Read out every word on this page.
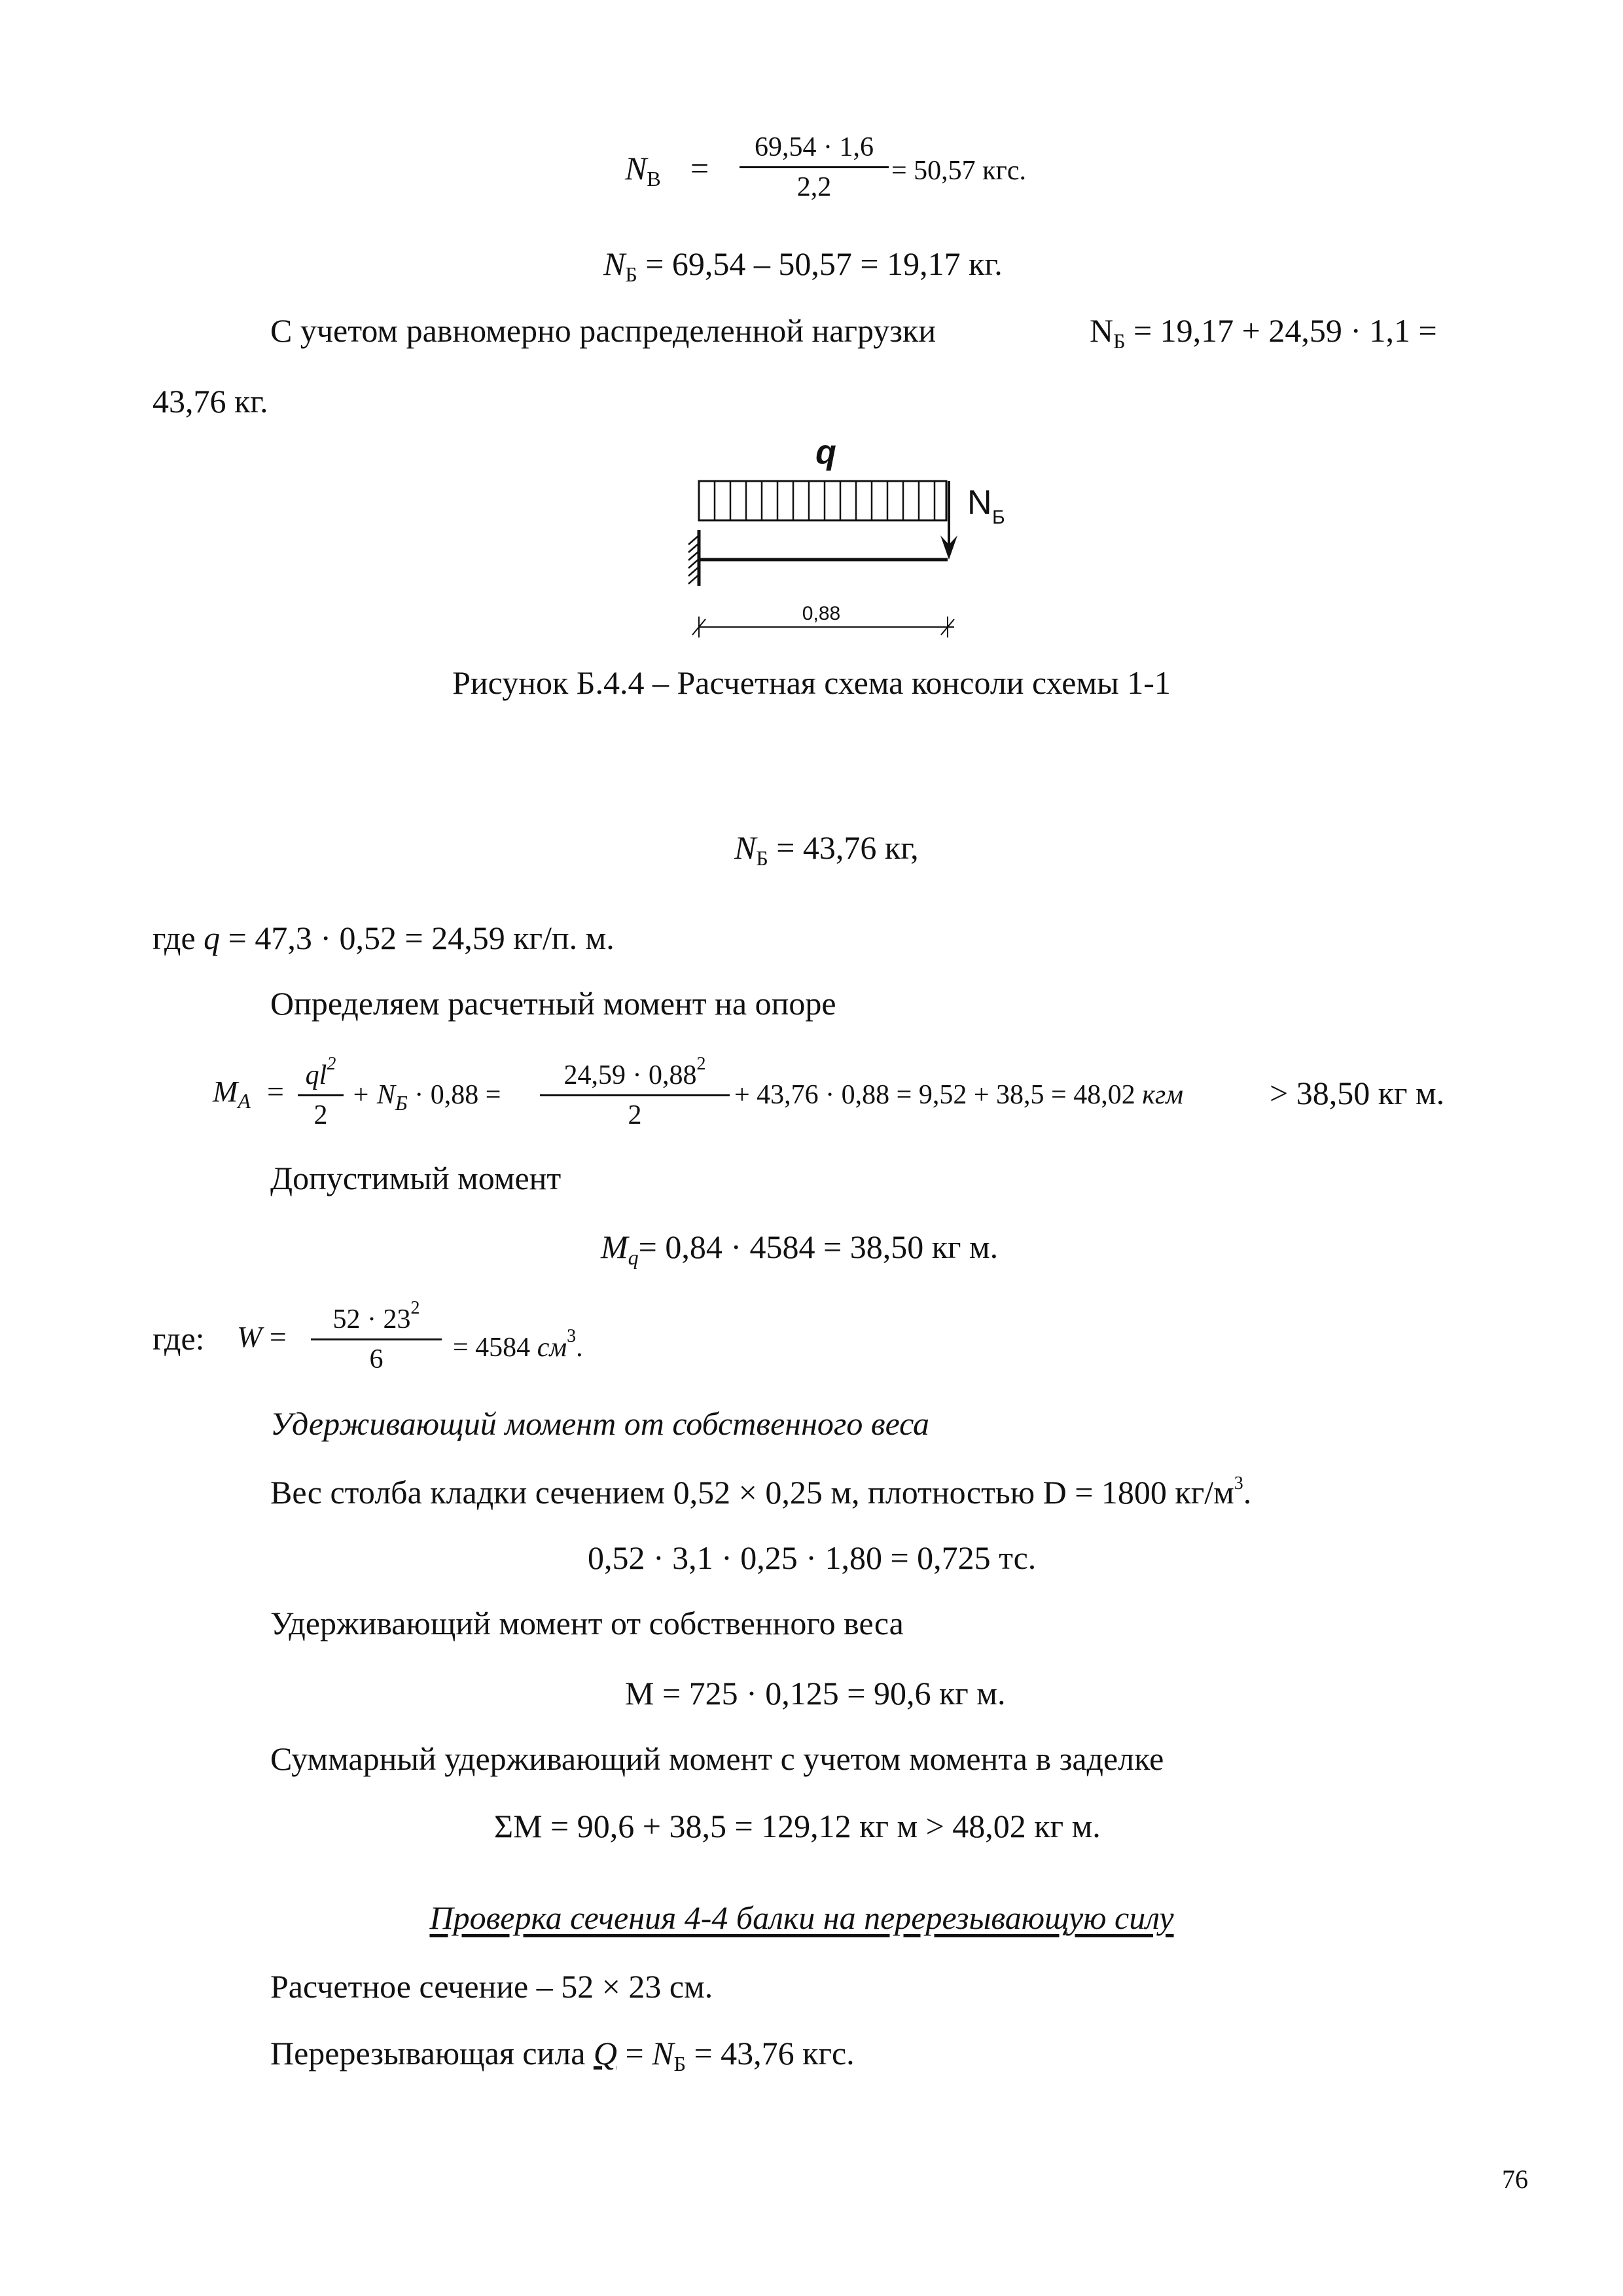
$N_В = \frac{69,54 \cdot 1,6}{2,2} = 50,57$ кгс.
$N_Б = 69,54 - 50,57 = 19,17$ кг.
С учетом равномерно распределенной нагрузки	$N_Б = 19,17 + 24,59 \cdot 1,1$ =
43,76 кг.
0,88
q
N Б
Рисунок Б.4.4 – Расчетная схема консоли схемы 1-1
$N_Б = 43,76$ кг,
где q = 47,3 · 0,52 = 24,59 кг/п. м.
Определяем расчетный момент на опоре
$M_A = \frac{ql^2}{2} + N_Б \cdot 0,88 = \frac{24,59 \cdot 0,88^2}{2} + 43,76 \cdot 0,88 = 9,52 + 38,5 = 48,02$ кгм	> 38,50 кг м.
Допустимый момент
$M_q= 0,84 \cdot 4584 = 38,50$ кг м.
где: $W = \frac{52 \cdot 23^2}{6} = 4584$ $см^3$.
Удерживающий момент от собственного веса
Вес столба кладки сечением 0,52 × 0,25 м, плотностью D = 1800 $кг/м^3$.
0,52 · 3,1 · 0,25 · 1,80 = 0,725 тс.
Удерживающий момент от собственного веса
M = 725 · 0,125 = 90,6 кг м.
Суммарный удерживающий момент с учетом момента в заделке
ΣM = 90,6 + 38,5 = 129,12 кг м > 48,02 кг м.
Проверка сечения 4-4 балки на перерезывающую силу
Расчетное сечение – 52 × 23 см.
Перерезывающая сила $Q = N_Б = 43,76$ кгс.
76
